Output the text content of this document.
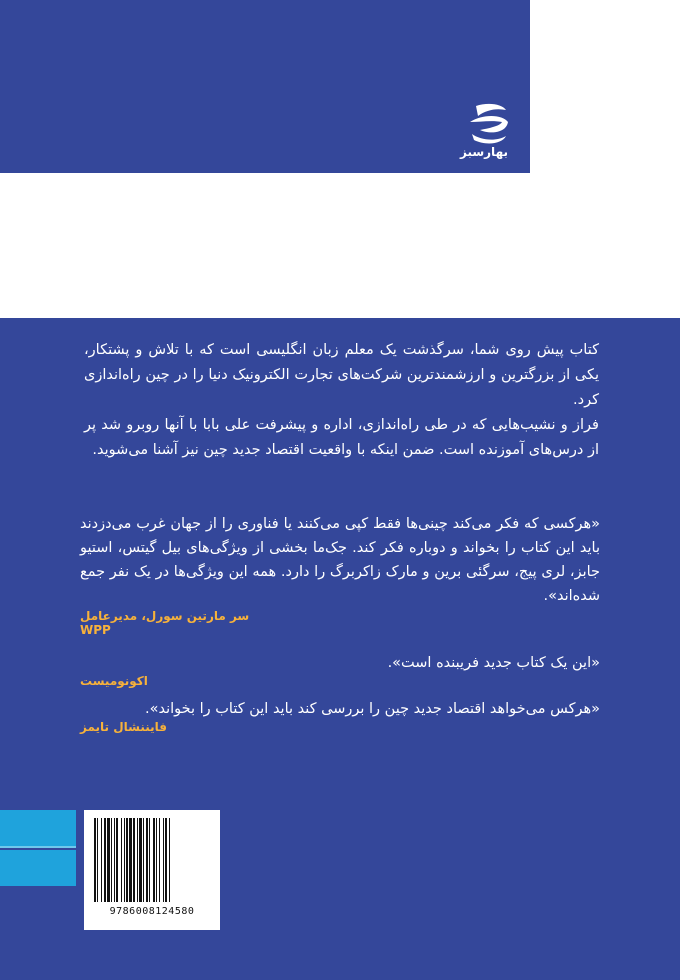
بهارسبز

کتاب پیش روی شما، سرگذشت یک معلم زبان انگلیسی است که با تلاش و پشتکار، یکی از بزرگترین و ارزشمندترین شرکت‌های تجارت الکترونیک دنیا را در چین راه‌اندازی کرد.

فراز و نشیب‌هایی که در طی راه‌اندازی، اداره و پیشرفت علی بابا با آنها روبرو شد پر از درس‌های آموزنده است. ضمن اینکه با واقعیت اقتصاد جدید چین نیز آشنا می‌شوید.

«هرکسی که فکر می‌کند چینی‌ها فقط کپی می‌کنند یا فناوری را از جهان غرب می‌دزدند باید این کتاب را بخواند و دوباره فکر کند. جک‌ما بخشی از ویژگی‌های بیل گیتس، استیو جابز، لری پیج، سرگئی برین و مارک زاکربرگ را دارد. همه این ویژگی‌ها در یک نفر جمع شده‌اند».

سر مارتین سورل، مدیرعامل WPP

«این یک کتاب جدید فریبنده است».

اکونومیست

«هرکس می‌خواهد اقتصاد جدید چین را بررسی کند باید این کتاب را بخواند».

فایننشال تایمز
9786008124580
